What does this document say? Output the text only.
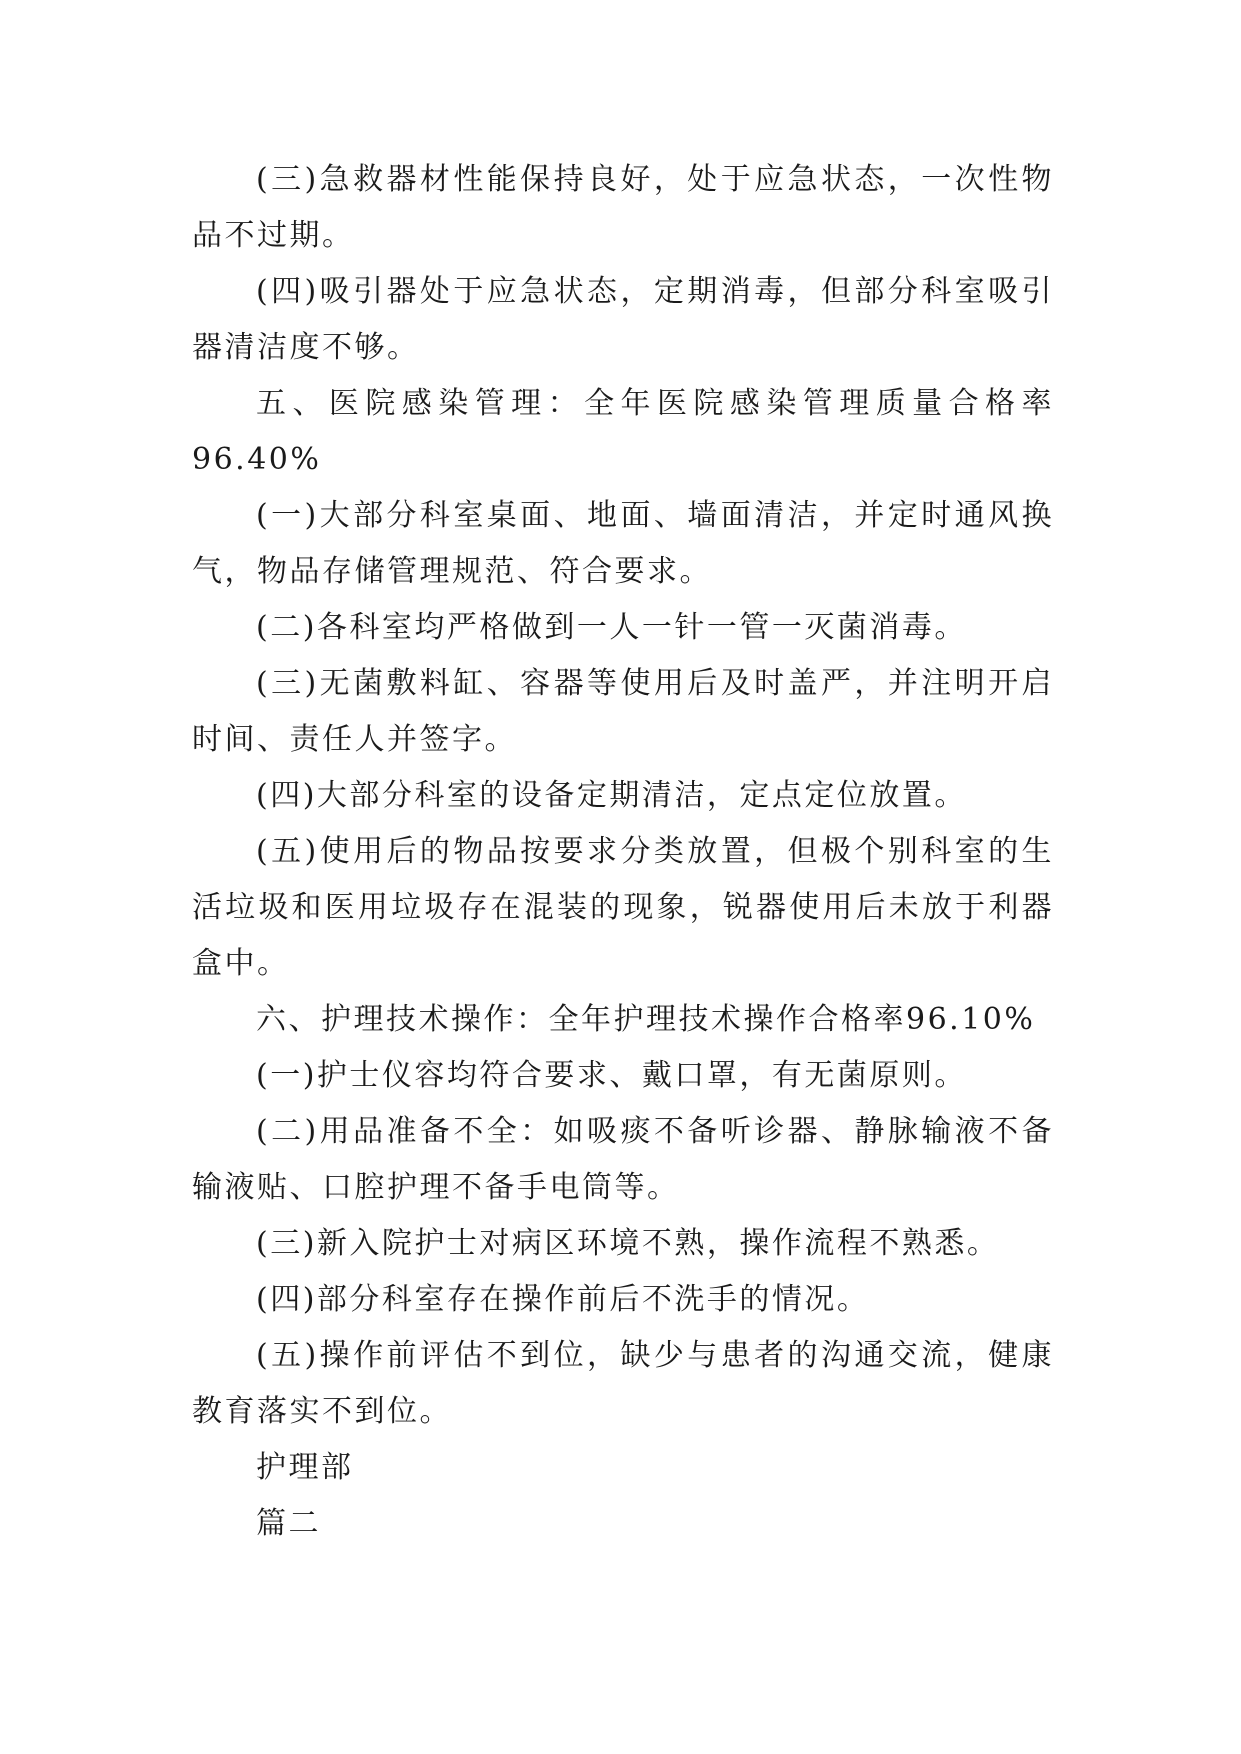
(三)急救器材性能保持良好，处于应急状态，一次性物品不过期。

(四)吸引器处于应急状态，定期消毒，但部分科室吸引器清洁度不够。

五、医院感染管理：全年医院感染管理质量合格率96.40%

(一)大部分科室桌面、地面、墙面清洁，并定时通风换气，物品存储管理规范、符合要求。

(二)各科室均严格做到一人一针一管一灭菌消毒。

(三)无菌敷料缸、容器等使用后及时盖严，并注明开启时间、责任人并签字。

(四)大部分科室的设备定期清洁，定点定位放置。

(五)使用后的物品按要求分类放置，但极个别科室的生活垃圾和医用垃圾存在混装的现象，锐器使用后未放于利器盒中。

六、护理技术操作：全年护理技术操作合格率96.10%

(一)护士仪容均符合要求、戴口罩，有无菌原则。

(二)用品准备不全：如吸痰不备听诊器、静脉输液不备输液贴、口腔护理不备手电筒等。

(三)新入院护士对病区环境不熟，操作流程不熟悉。

(四)部分科室存在操作前后不洗手的情况。

(五)操作前评估不到位，缺少与患者的沟通交流，健康教育落实不到位。

护理部

篇二
